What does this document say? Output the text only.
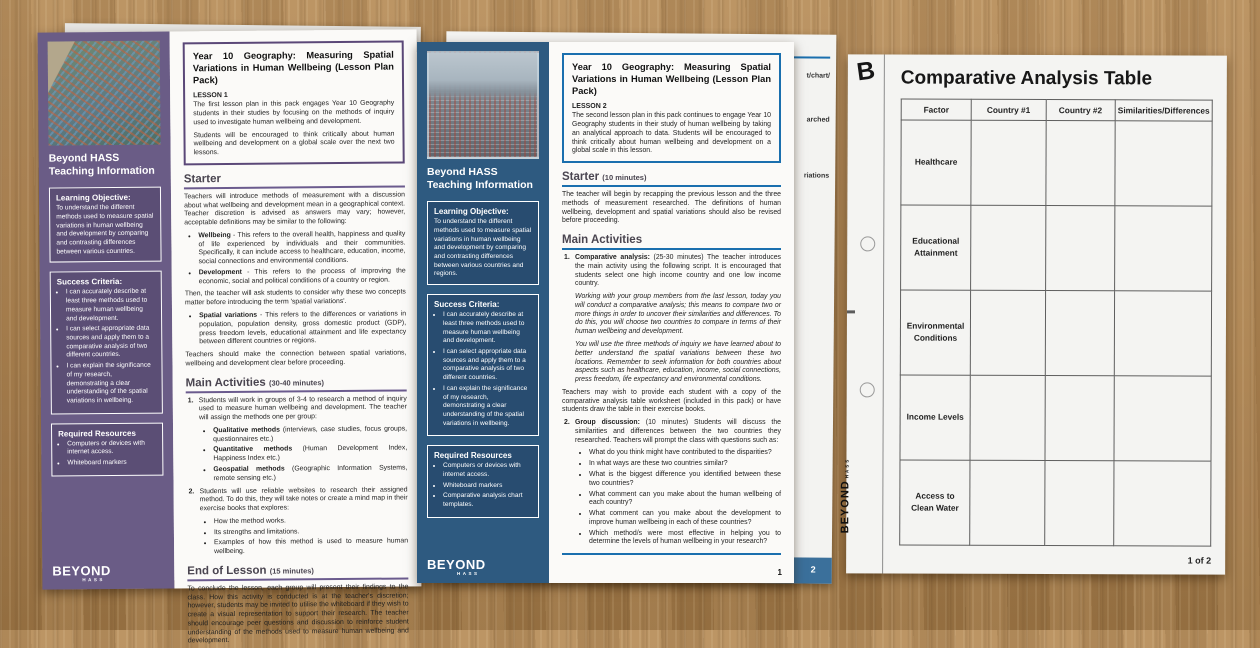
Beyond HASS
Teaching Information
Learning Objective:

To understand the different methods used to measure spatial variations in human wellbeing and development by comparing and contrasting differences between various countries.

Success Criteria:
• I can accurately describe at least three methods used to measure human wellbeing and development.
• I can select appropriate data sources and apply them to a comparative analysis of two different countries.
• I can explain the significance of my research, demonstrating a clear understanding of the spatial variations in wellbeing.
Required Resources
• Computers or devices with internet access.
• Whiteboard markers
BEYOND
HASS
Year 10 Geography: Measuring Spatial Variations in Human Wellbeing (Lesson Plan Pack)
LESSON 1

The first lesson plan in this pack engages Year 10 Geography students in their studies by focusing on the methods of inquiry used to investigate human wellbeing and development.

Students will be encouraged to think critically about human wellbeing and development on a global scale over the next two lessons.

Starter

Teachers will introduce methods of measurement with a discussion about what wellbeing and development mean in a geographical context. Teacher discretion is advised as answers may vary; however, acceptable definitions may be similar to the following:

• Wellbeing - This refers to the overall health, happiness and quality of life experienced by individuals and their communities. Specifically, it can include access to healthcare, education, income, social connections and environmental conditions.
• Development - This refers to the process of improving the economic, social and political conditions of a country or region.

Then, the teacher will ask students to consider why these two concepts matter before introducing the term 'spatial variations'.

• Spatial variations - This refers to the differences or variations in population, population density, gross domestic product (GDP), press freedom levels, educational attainment and life expectancy between different countries or regions.

Teachers should make the connection between spatial variations, wellbeing and development clear before proceeding.

Main Activities (30-40 minutes)
1. Students will work in groups of 3-4 to research a method of inquiry used to measure human wellbeing and development. The teacher will assign the methods one per group:

• Qualitative methods (interviews, case studies, focus groups, questionnaires etc.)
• Quantitative methods (Human Development Index, Happiness Index etc.)
• Geospatial methods (Geographic Information Systems, remote sensing etc.)
2. Students will use reliable websites to research their assigned method. To do this, they will take notes or create a mind map in their exercise books that explores:

• How the method works.
• Its strengths and limitations.
• Examples of how this method is used to measure human wellbeing.
End of Lesson (15 minutes)

To conclude the lesson, each group will present their findings to the class. How this activity is conducted is at the teacher's discretion; however, students may be invited to utilise the whiteboard if they wish to create a visual representation to support their research. The teacher should encourage peer questions and discussion to reinforce student understanding of the methods used to measure human wellbeing and development.

t/chart/
arched
riations
2
Beyond HASS
Teaching Information
Learning Objective:

To understand the different methods used to measure spatial variations in human wellbeing and development by comparing and contrasting differences between various countries and regions.

Success Criteria:
• I can accurately describe at least three methods used to measure human wellbeing and development.
• I can select appropriate data sources and apply them to a comparative analysis of two different countries.
• I can explain the significance of my research, demonstrating a clear understanding of the spatial variations in wellbeing.
Required Resources
• Computers or devices with internet access.
• Whiteboard markers
• Comparative analysis chart templates.
BEYOND
HASS
Year 10 Geography: Measuring Spatial Variations in Human Wellbeing (Lesson Plan Pack)
LESSON 2

The second lesson plan in this pack continues to engage Year 10 Geography students in their study of human wellbeing by taking an analytical approach to data. Students will be encouraged to think critically about human wellbeing and development on a global scale in this lesson.

Starter (10 minutes)

The teacher will begin by recapping the previous lesson and the three methods of measurement researched. The definitions of human wellbeing, development and spatial variations should also be revised before proceeding.

Main Activities
1. Comparative analysis: (25-30 minutes) The teacher introduces the main activity using the following script. It is encouraged that students select one high income country and one low income country.

Working with your group members from the last lesson, today you will conduct a comparative analysis; this means to compare two or more things in order to uncover their similarities and differences. To do this, you will choose two countries to compare in terms of their human wellbeing and development.

You will use the three methods of inquiry we have learned about to better understand the spatial variations between these two locations. Remember to seek information for both countries about aspects such as healthcare, education, income, social connections, press freedom, life expectancy and environmental conditions.

Teachers may wish to provide each student with a copy of the comparative analysis table worksheet (included in this pack) or have students draw the table in their exercise books.

2. Group discussion: (10 minutes) Students will discuss the similarities and differences between the two countries they researched. Teachers will prompt the class with questions such as:

• What do you think might have contributed to the disparities?
• In what ways are these two countries similar?
• What is the biggest difference you identified between these two countries?
• What comment can you make about the human wellbeing of each country?
• What comment can you make about the development to improve human wellbeing in each of these countries?
• Which method/s were most effective in helping you to determine the levels of human wellbeing in your research?
1
B
BEYONDHASS
Comparative Analysis Table
Factor	Country #1	Country #2	Similarities/Differences
Healthcare			
Educational Attainment			
Environmental Conditions			
Income Levels			
Access to Clean Water			
1 of 2
